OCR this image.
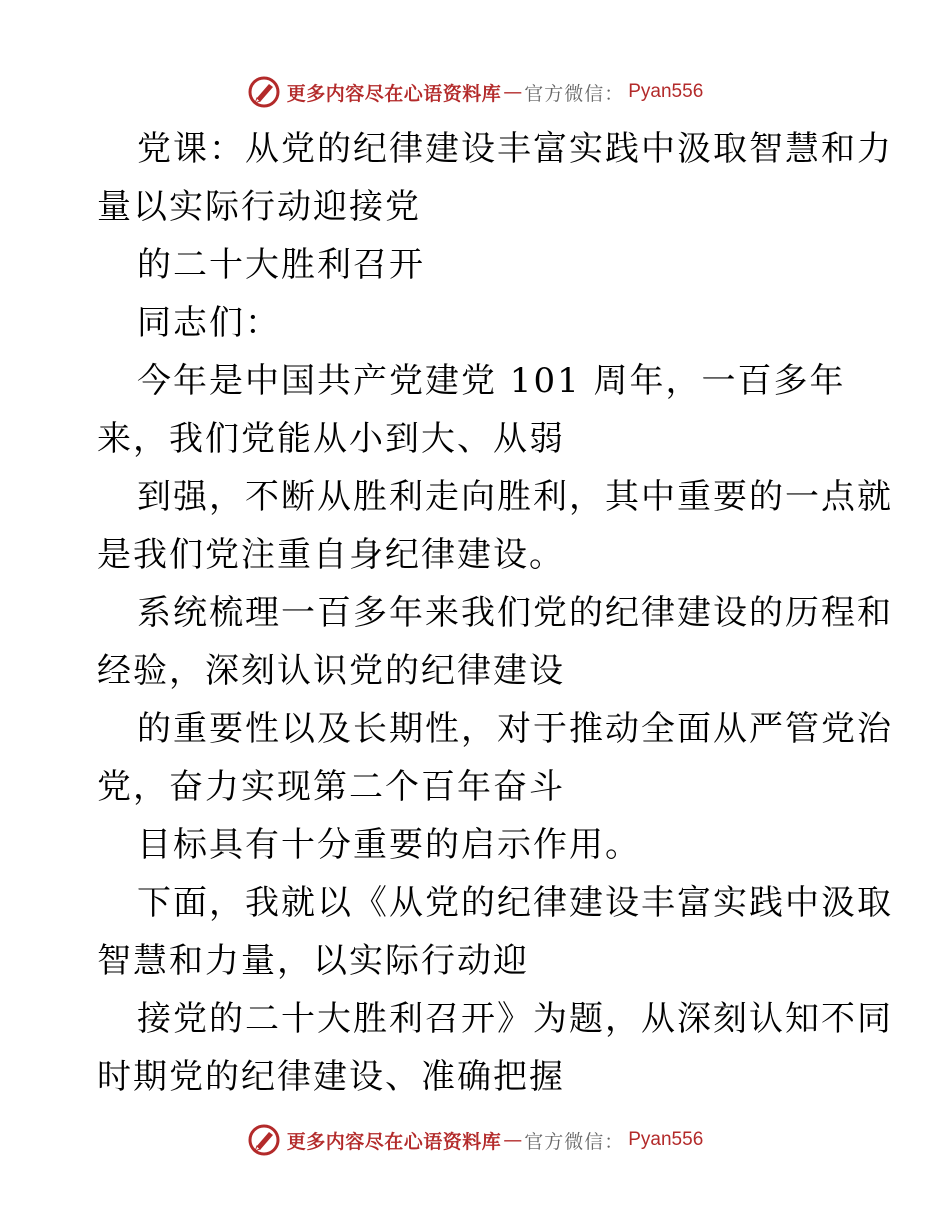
更多内容尽在心语资料库 — 官方微信： Pyan556
党课：从党的纪律建设丰富实践中汲取智慧和力
量以实际行动迎接党
的二十大胜利召开
同志们：
今年是中国共产党建党 101 周年，一百多年
来，我们党能从小到大、从弱
到强，不断从胜利走向胜利，其中重要的一点就
是我们党注重自身纪律建设。
系统梳理一百多年来我们党的纪律建设的历程和
经验，深刻认识党的纪律建设
的重要性以及长期性，对于推动全面从严管党治
党，奋力实现第二个百年奋斗
目标具有十分重要的启示作用。
下面，我就以《从党的纪律建设丰富实践中汲取
智慧和力量，以实际行动迎
接党的二十大胜利召开》为题，从深刻认知不同
时期党的纪律建设、准确把握
更多内容尽在心语资料库 — 官方微信： Pyan556
